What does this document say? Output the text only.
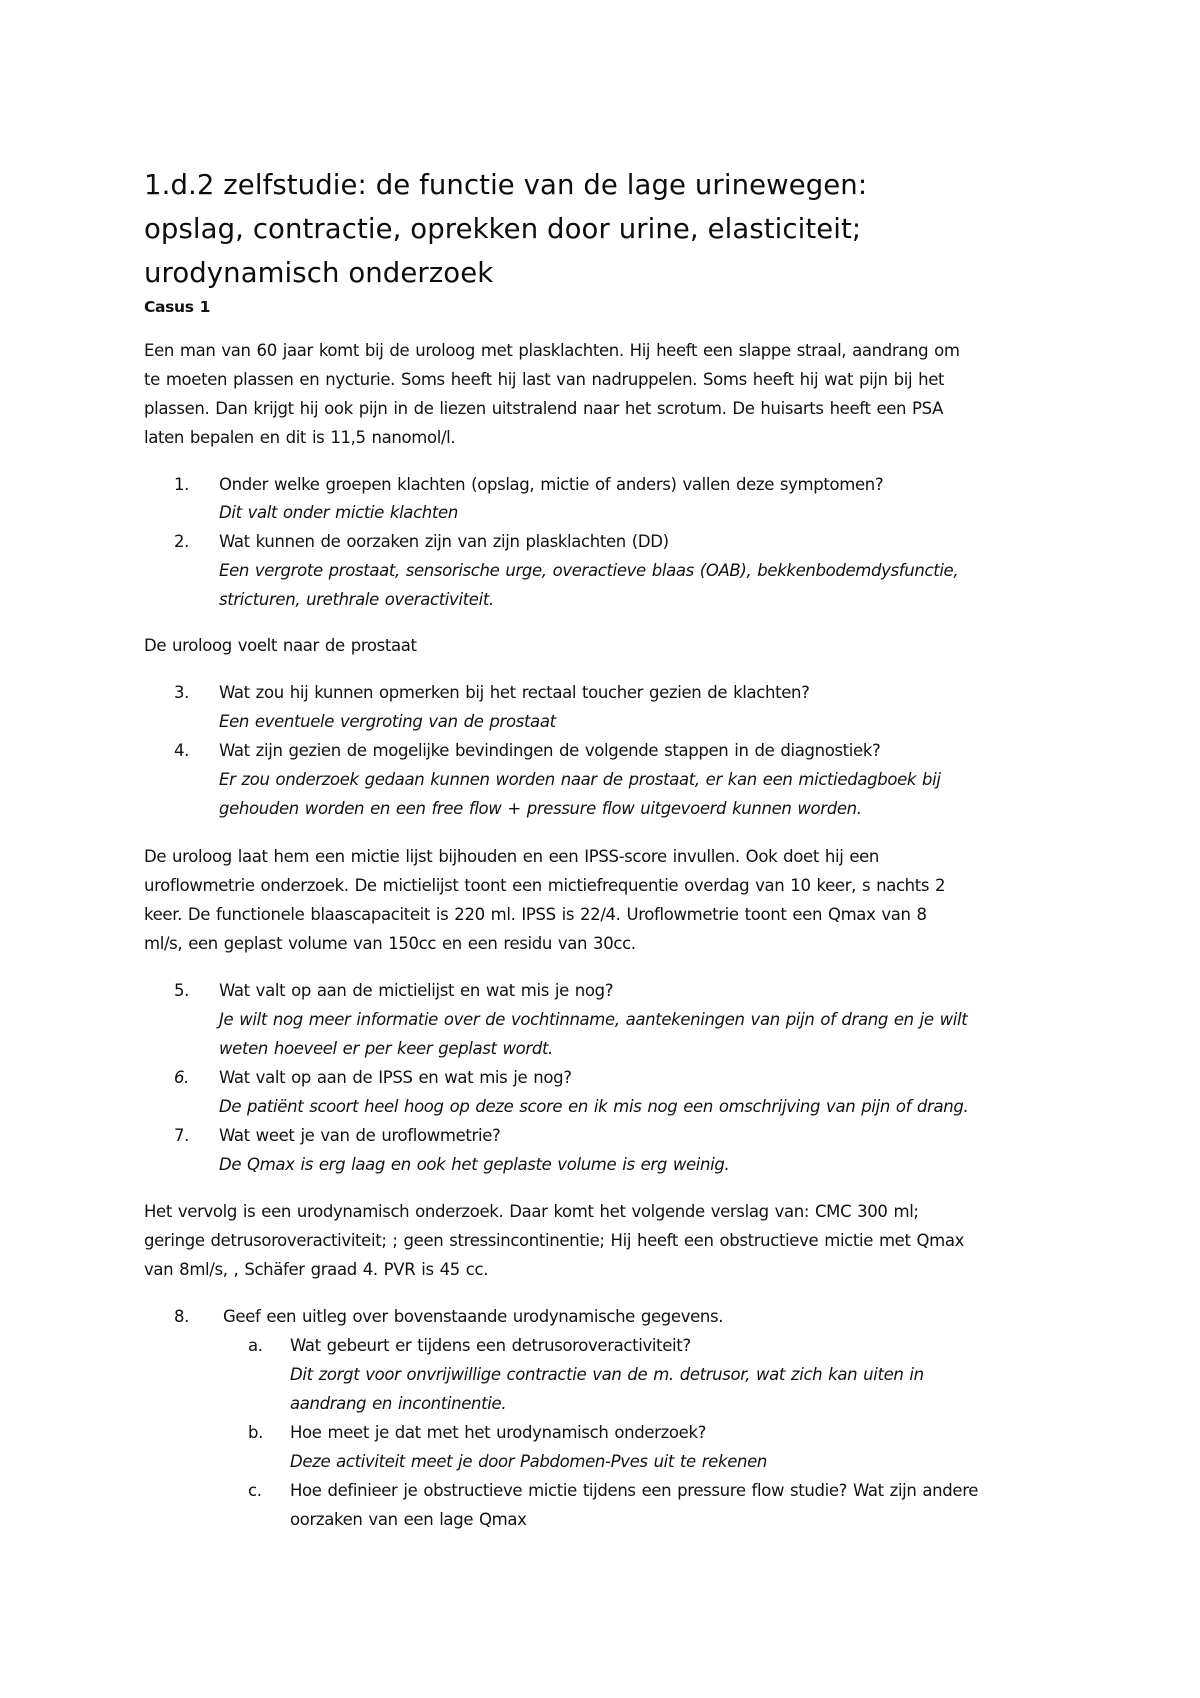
1.d.2 zelfstudie: de functie van de lage urinewegen:
opslag, contractie, oprekken door urine, elasticiteit;
urodynamisch onderzoek
Casus 1
Een man van 60 jaar komt bij de uroloog met plasklachten. Hij heeft een slappe straal, aandrang om
te moeten plassen en nycturie. Soms heeft hij last van nadruppelen. Soms heeft hij wat pijn bij het
plassen. Dan krijgt hij ook pijn in de liezen uitstralend naar het scrotum. De huisarts heeft een PSA
laten bepalen en dit is 11,5 nanomol/l.
1. Onder welke groepen klachten (opslag, mictie of anders) vallen deze symptomen?
Dit valt onder mictie klachten
2. Wat kunnen de oorzaken zijn van zijn plasklachten (DD)
Een vergrote prostaat, sensorische urge, overactieve blaas (OAB), bekkenbodemdysfunctie,
stricturen, urethrale overactiviteit.
De uroloog voelt naar de prostaat
3. Wat zou hij kunnen opmerken bij het rectaal toucher gezien de klachten?
Een eventuele vergroting van de prostaat
4. Wat zijn gezien de mogelijke bevindingen de volgende stappen in de diagnostiek?
Er zou onderzoek gedaan kunnen worden naar de prostaat, er kan een mictiedagboek bij
gehouden worden en een free flow + pressure flow uitgevoerd kunnen worden.
De uroloog laat hem een mictie lijst bijhouden en een IPSS-score invullen. Ook doet hij een
uroflowmetrie onderzoek. De mictielijst toont een mictiefrequentie overdag van 10 keer, s nachts 2
keer. De functionele blaascapaciteit is 220 ml. IPSS is 22/4. Uroflowmetrie toont een Qmax van 8
ml/s, een geplast volume van 150cc en een residu van 30cc.
5. Wat valt op aan de mictielijst en wat mis je nog?
Je wilt nog meer informatie over de vochtinname, aantekeningen van pijn of drang en je wilt
weten hoeveel er per keer geplast wordt.
6. Wat valt op aan de IPSS en wat mis je nog?
De patiënt scoort heel hoog op deze score en ik mis nog een omschrijving van pijn of drang.
7. Wat weet je van de uroflowmetrie?
De Qmax is erg laag en ook het geplaste volume is erg weinig.
Het vervolg is een urodynamisch onderzoek. Daar komt het volgende verslag van: CMC 300 ml;
geringe detrusoroveractiviteit; ; geen stressincontinentie; Hij heeft een obstructieve mictie met Qmax
van 8ml/s, , Schäfer graad 4. PVR is 45 cc.
8. Geef een uitleg over bovenstaande urodynamische gegevens.
a. Wat gebeurt er tijdens een detrusoroveractiviteit?
Dit zorgt voor onvrijwillige contractie van de m. detrusor, wat zich kan uiten in
aandrang en incontinentie.
b. Hoe meet je dat met het urodynamisch onderzoek?
Deze activiteit meet je door Pabdomen-Pves uit te rekenen
c. Hoe definieer je obstructieve mictie tijdens een pressure flow studie? Wat zijn andere
oorzaken van een lage Qmax
